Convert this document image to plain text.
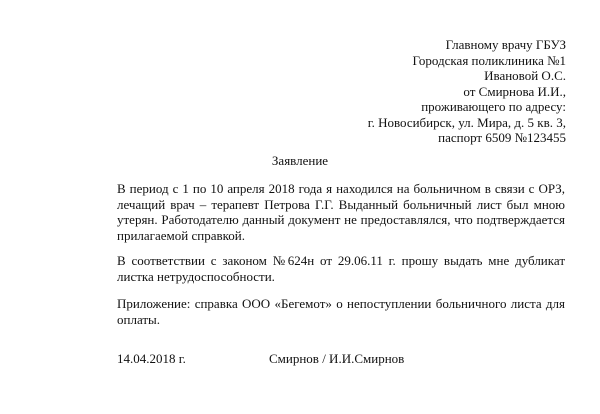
Главному врачу ГБУЗ
Городская поликлиника №1
Ивановой О.С.
от Смирнова И.И.,
проживающего по адресу:
г. Новосибирск, ул. Мира, д. 5 кв. 3,
паспорт 6509 №123455
Заявление
В период с 1 по 10 апреля 2018 года я находился на больничном в связи с ОРЗ, лечащий врач – терапевт Петрова Г.Г. Выданный больничный лист был мною утерян. Работодателю данный документ не предоставлялся, что подтверждается прилагаемой справкой.
В соответствии с законом №624н от 29.06.11 г. прошу выдать мне дубликат листка нетрудоспособности.
Приложение: справка ООО «Бегемот» о непоступлении больничного листа для оплаты.
14.04.2018 г.	Смирнов / И.И.Смирнов
